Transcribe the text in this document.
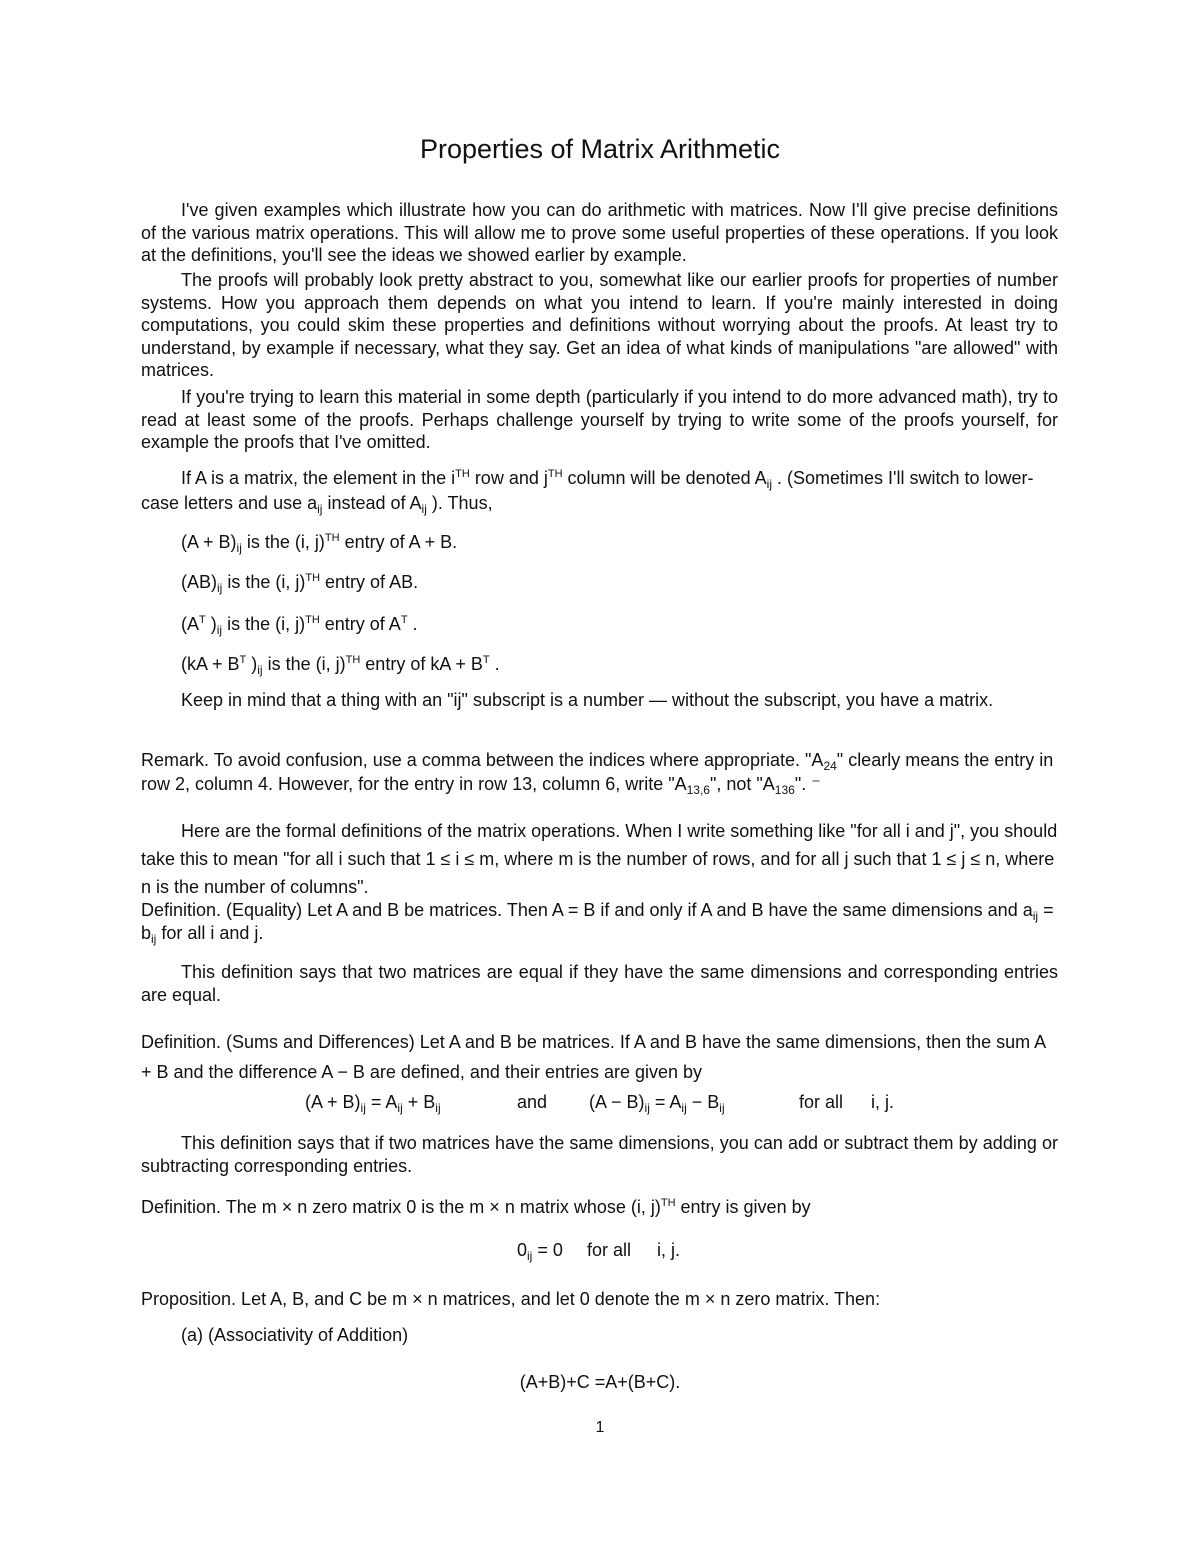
Properties of Matrix Arithmetic
I've given examples which illustrate how you can do arithmetic with matrices. Now I'll give precise definitions of the various matrix operations. This will allow me to prove some useful properties of these operations. If you look at the definitions, you'll see the ideas we showed earlier by example.
The proofs will probably look pretty abstract to you, somewhat like our earlier proofs for properties of number systems. How you approach them depends on what you intend to learn. If you're mainly interested in doing computations, you could skim these properties and definitions without worrying about the proofs. At least try to understand, by example if necessary, what they say. Get an idea of what kinds of manipulations "are allowed" with matrices.
If you're trying to learn this material in some depth (particularly if you intend to do more advanced math), try to read at least some of the proofs. Perhaps challenge yourself by trying to write some of the proofs yourself, for example the proofs that I've omitted.
If A is a matrix, the element in the $i^{TH}$ row and $j^{TH}$ column will be denoted $A_{ij}$ . (Sometimes I'll switch to lower-case letters and use $a_{ij}$ instead of $A_{ij}$ ). Thus,
$(A + B)_{ij}$ is the (i, j)$^{TH}$ entry of A + B.
$(AB)_{ij}$ is the (i, j)$^{TH}$ entry of AB.
($A^T$ )$_{ij}$ is the (i, j)$^{TH}$ entry of $A^T$ .
($kA + B^T$ )$_{ij}$ is the (i, j)$^{TH}$ entry of kA + $B^T$ .
Keep in mind that a thing with an "ij" subscript is a number — without the subscript, you have a matrix.
Remark. To avoid confusion, use a comma between the indices where appropriate. "$A_{24}$" clearly means the entry in row 2, column 4. However, for the entry in row 13, column 6, write "$A_{13,6}$", not "$A_{136}$". ⁻
Here are the formal definitions of the matrix operations. When I write something like "for all i and j", you should take this to mean "for all i such that 1 ≤ i ≤ m, where m is the number of rows, and for all j such that 1 ≤ j ≤ n, where n is the number of columns".
Definition. (Equality) Let A and B be matrices. Then A = B if and only if A and B have the same dimensions and $a_{ij} = b_{ij}$ for all i and j.
This definition says that two matrices are equal if they have the same dimensions and corresponding entries are equal.
Definition. (Sums and Differences) Let A and B be matrices. If A and B have the same dimensions, then the sum A + B and the difference A − B are defined, and their entries are given by
$(A + B)_{ij} = A_{ij} + B_{ij}$	and $(A - B)_{ij} = A_{ij} - B_{ij}$	for all i, j.
This definition says that if two matrices have the same dimensions, you can add or subtract them by adding or subtracting corresponding entries.
Definition. The m × n zero matrix 0 is the m × n matrix whose (i, j)$^{TH}$ entry is given by
$0_{ij} = 0$ for all i, j.
Proposition. Let A, B, and C be m × n matrices, and let 0 denote the m × n zero matrix. Then:
(a) (Associativity of Addition)
(A+B)+C =A+(B+C).
1
